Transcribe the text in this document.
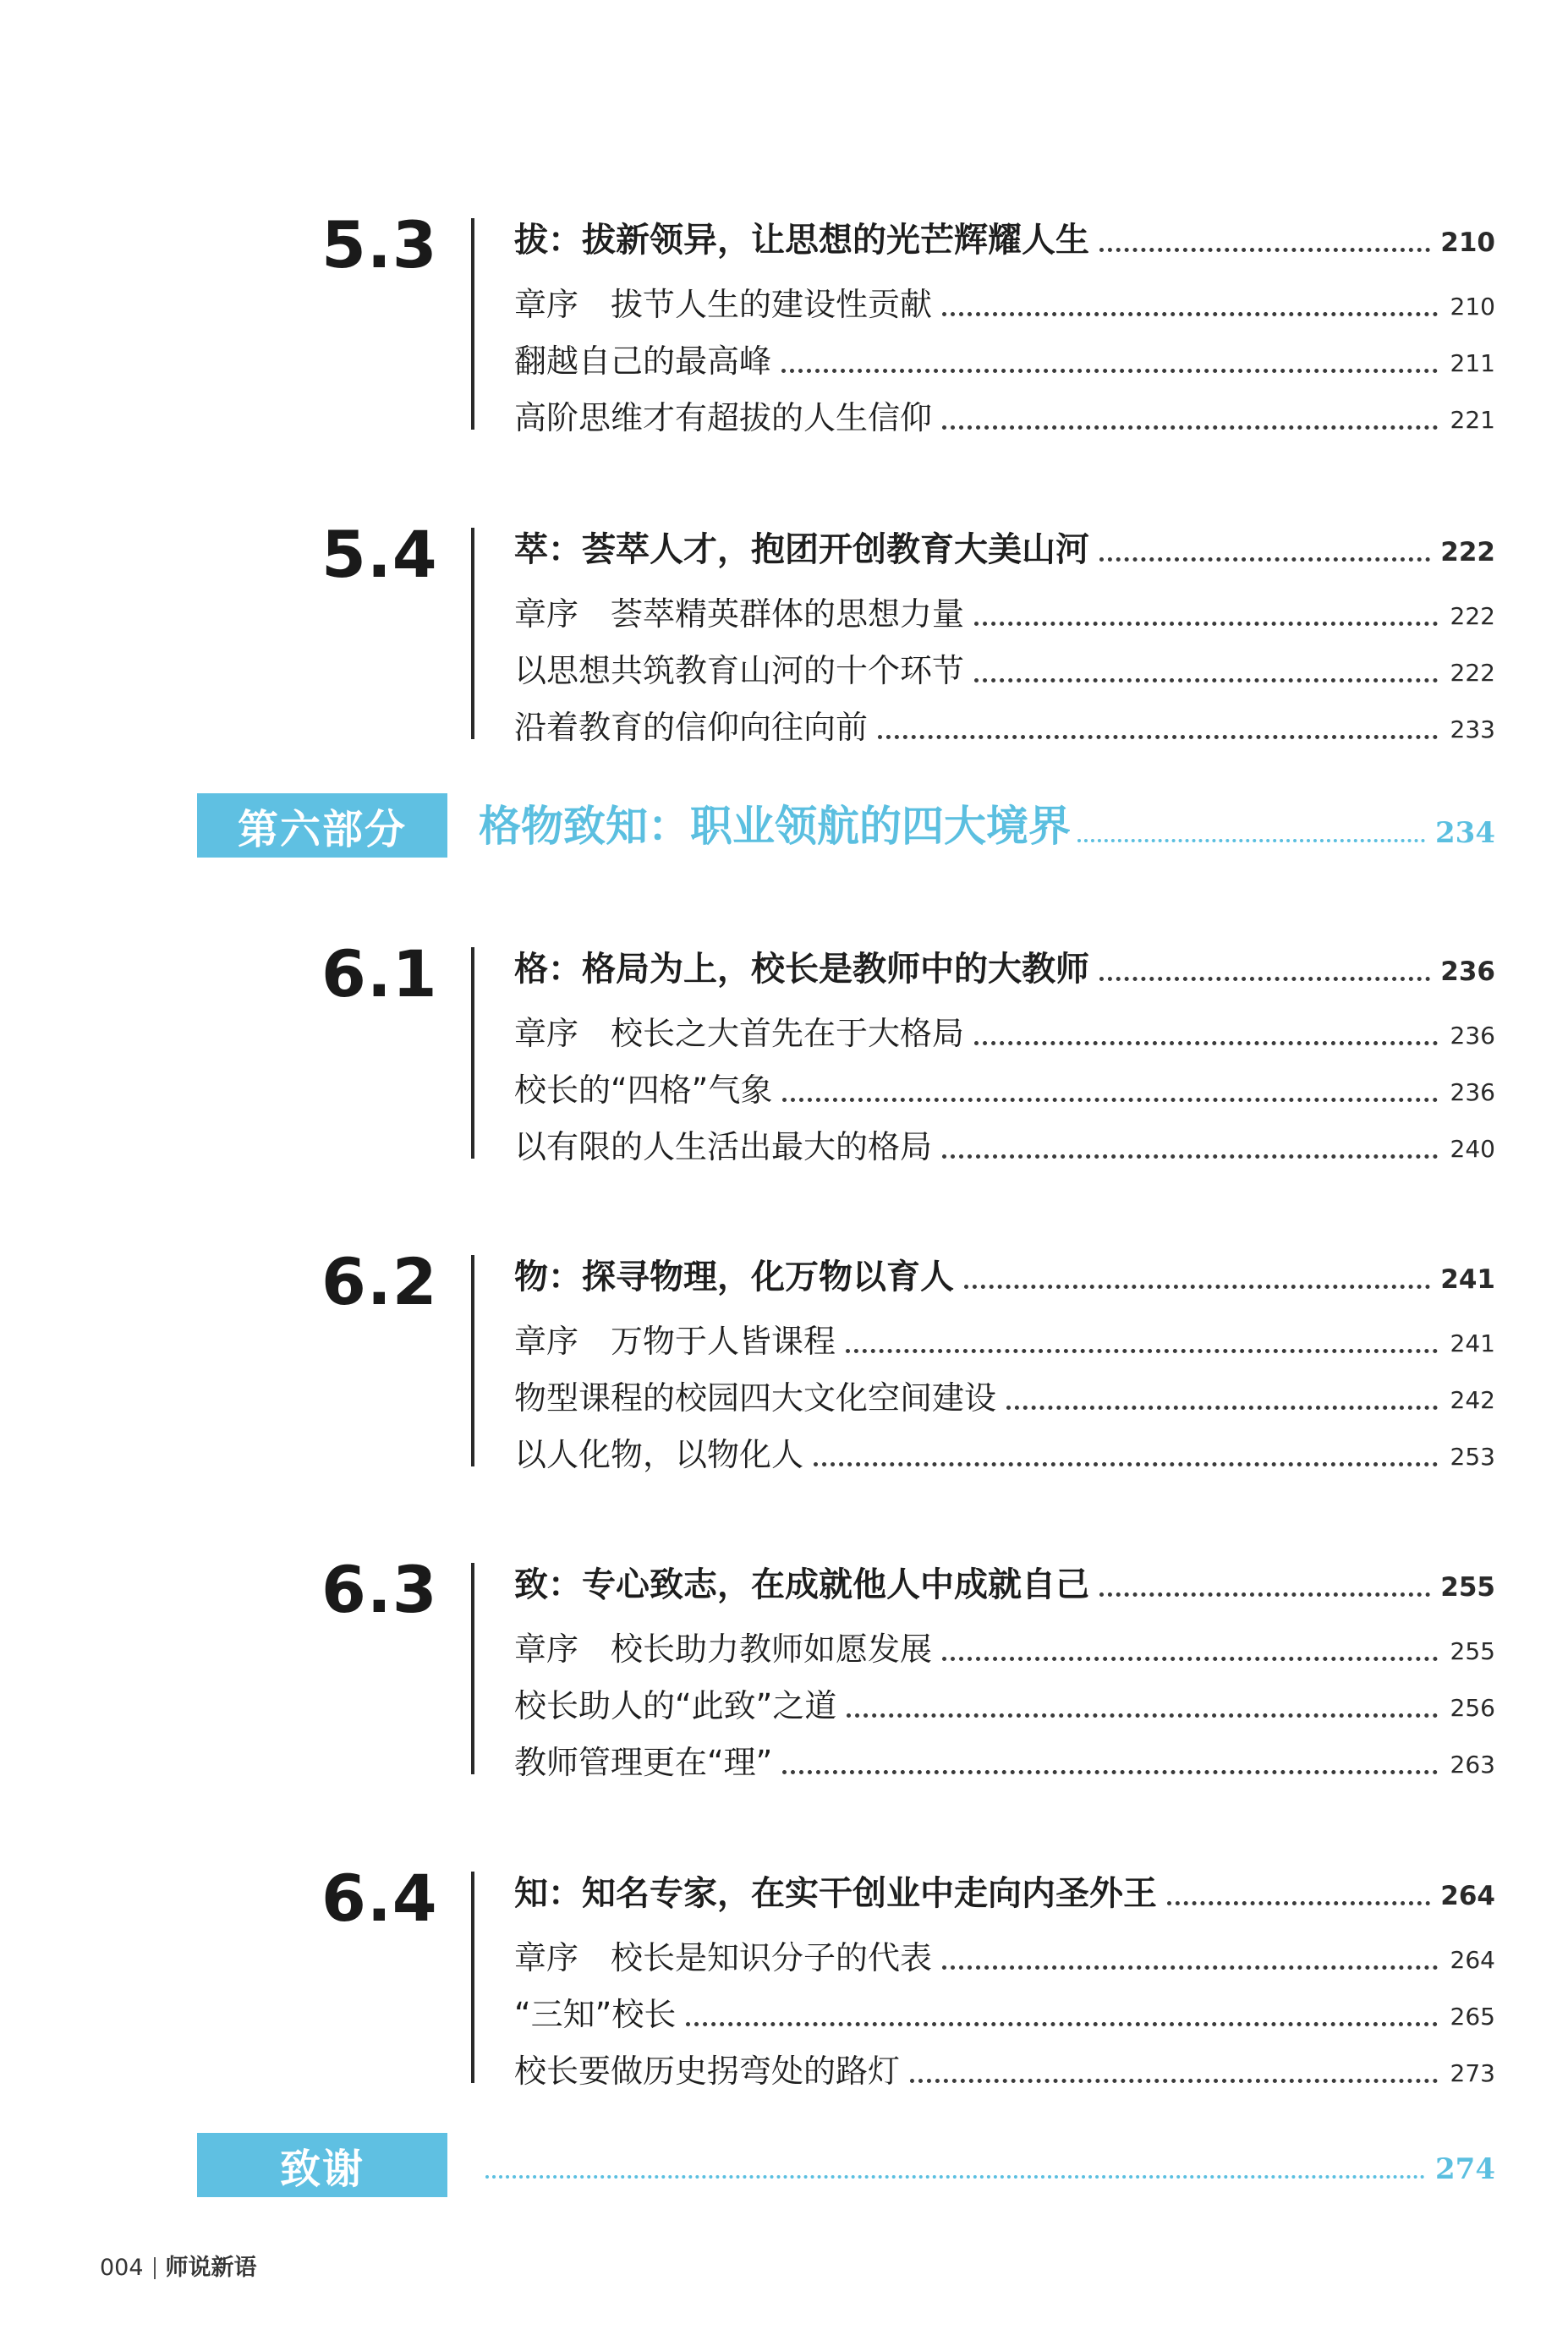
5.3 拔：拔新领异，让思想的光芒辉耀人生	210
章序　拔节人生的建设性贡献	210
翻越自己的最高峰	211
高阶思维才有超拔的人生信仰	221
5.4 萃：荟萃人才，抱团开创教育大美山河	222
章序　荟萃精英群体的思想力量	222
以思想共筑教育山河的十个环节	222
沿着教育的信仰向往向前	233
第六部分	格物致知：职业领航的四大境界	234
6.1 格：格局为上，校长是教师中的大教师	236
章序　校长之大首先在于大格局	236
校长的“四格”气象	236
以有限的人生活出最大的格局	240
6.2 物：探寻物理，化万物以育人	241
章序　万物于人皆课程	241
物型课程的校园四大文化空间建设	242
以人化物，以物化人	253
6.3 致：专心致志，在成就他人中成就自己	255
章序　校长助力教师如愿发展	255
校长助人的“此致”之道	256
教师管理更在“理”	263
6.4 知：知名专家，在实干创业中走向内圣外王	264
章序　校长是知识分子的代表	264
“三知”校长	265
校长要做历史拐弯处的路灯	273
致谢	274
004 师说新语
